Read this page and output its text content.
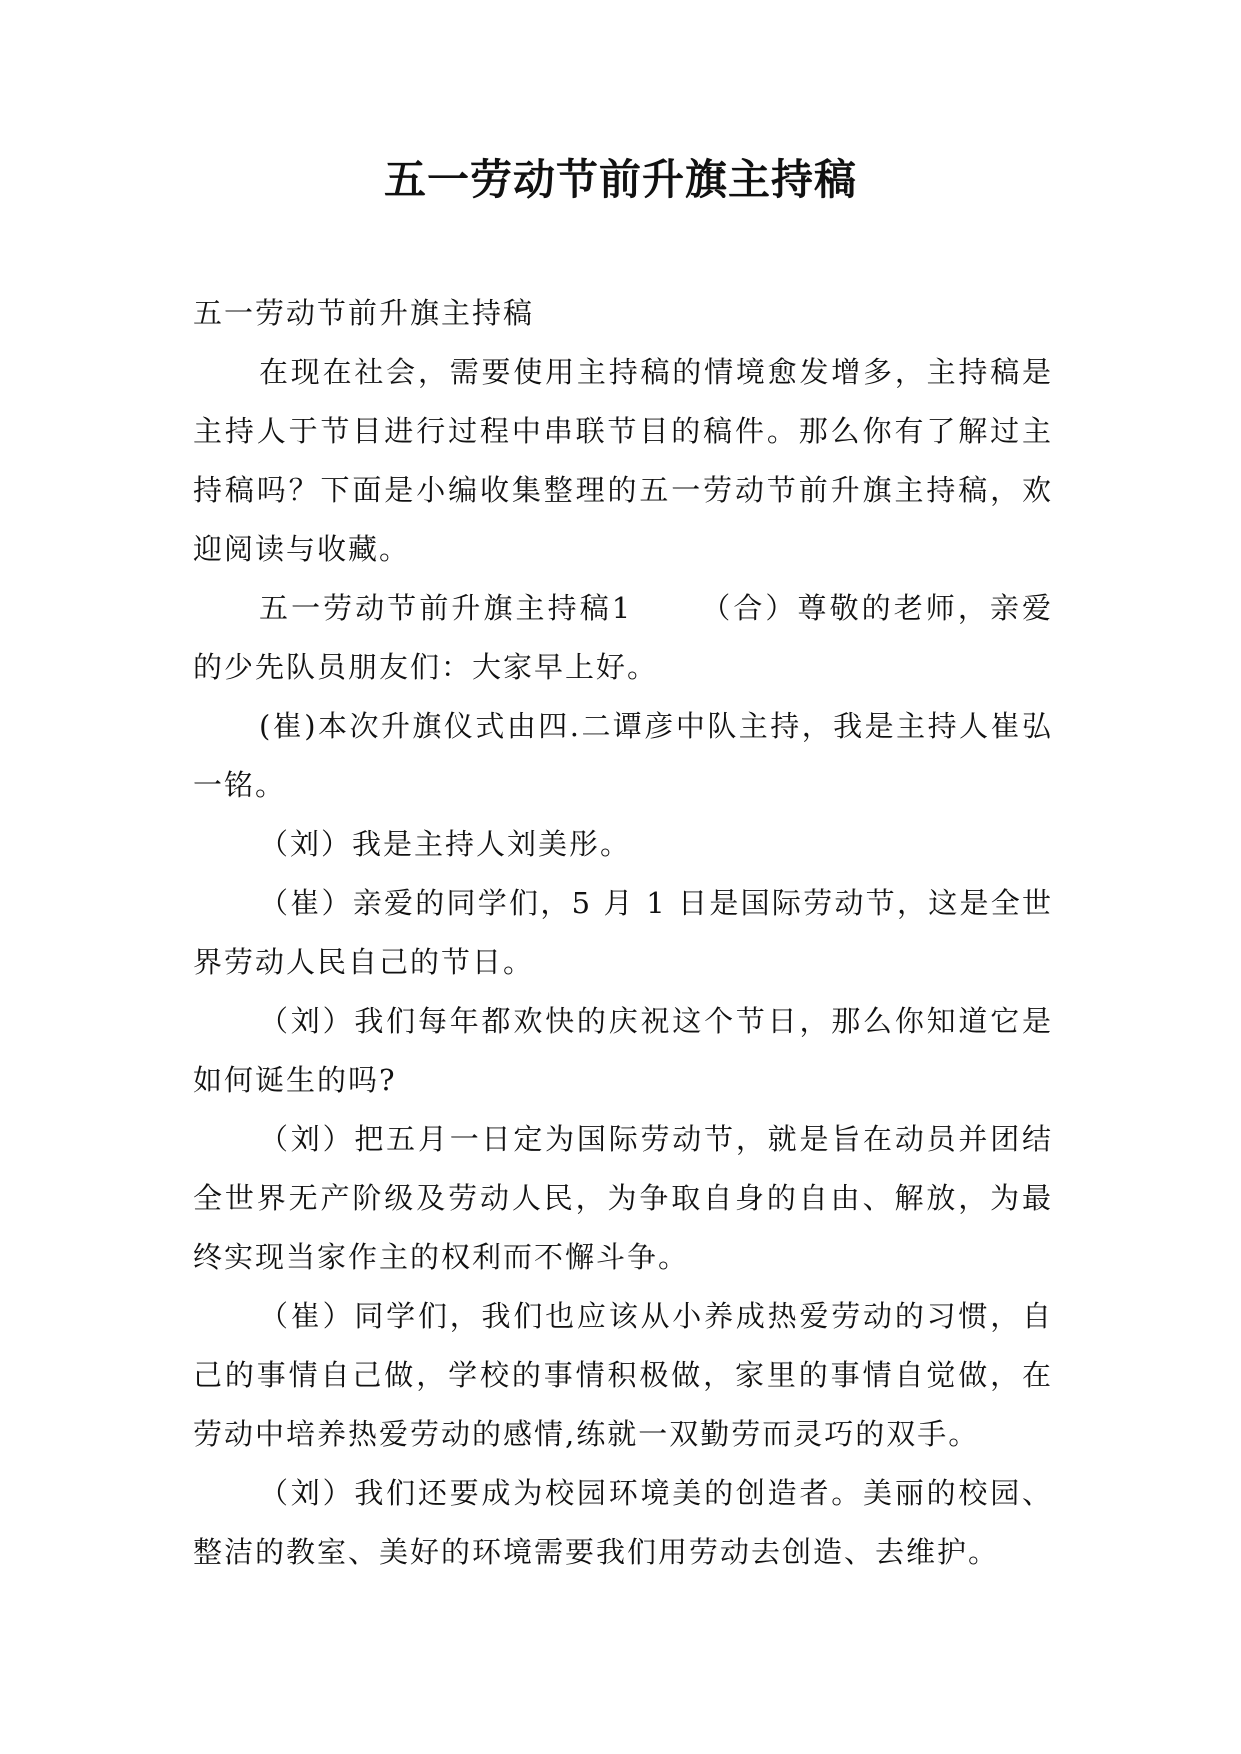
五一劳动节前升旗主持稿

五一劳动节前升旗主持稿

在现在社会，需要使用主持稿的情境愈发增多，主持稿是主持人于节目进行过程中串联节目的稿件。那么你有了解过主持稿吗？下面是小编收集整理的五一劳动节前升旗主持稿，欢迎阅读与收藏。

五一劳动节前升旗主持稿1 （合）尊敬的老师，亲爱的少先队员朋友们：大家早上好。

(崔)本次升旗仪式由四.二谭彦中队主持，我是主持人崔弘一铭。

（刘）我是主持人刘美彤。

（崔）亲爱的同学们，5 月 1 日是国际劳动节，这是全世界劳动人民自己的节日。

（刘）我们每年都欢快的庆祝这个节日，那么你知道它是如何诞生的吗?

（刘）把五月一日定为国际劳动节，就是旨在动员并团结全世界无产阶级及劳动人民，为争取自身的自由、解放，为最终实现当家作主的权利而不懈斗争。

（崔）同学们，我们也应该从小养成热爱劳动的习惯，自己的事情自己做，学校的事情积极做，家里的事情自觉做，在劳动中培养热爱劳动的感情,练就一双勤劳而灵巧的双手。

（刘）我们还要成为校园环境美的创造者。美丽的校园、整洁的教室、美好的环境需要我们用劳动去创造、去维护。
